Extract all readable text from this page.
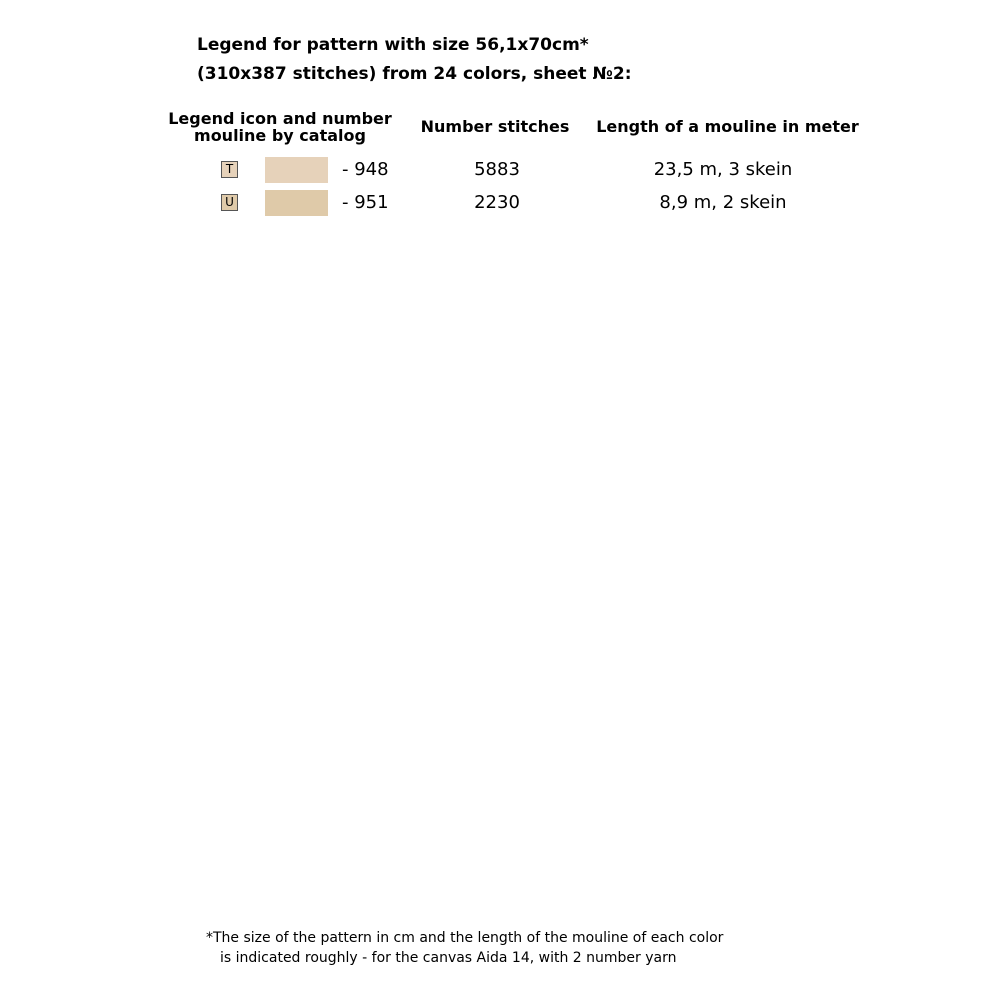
Legend for pattern with size 56,1x70cm*
(310x387 stitches) from 24 colors, sheet №2:
Legend icon and number
mouline by catalog	Number stitches	Length of a mouline in meter
T	- 948	5883	23,5 m, 3 skein
U	- 951	2230	8,9 m, 2 skein
*The size of the pattern in cm and the length of the mouline of each color
is indicated roughly - for the canvas Aida 14, with 2 number yarn
